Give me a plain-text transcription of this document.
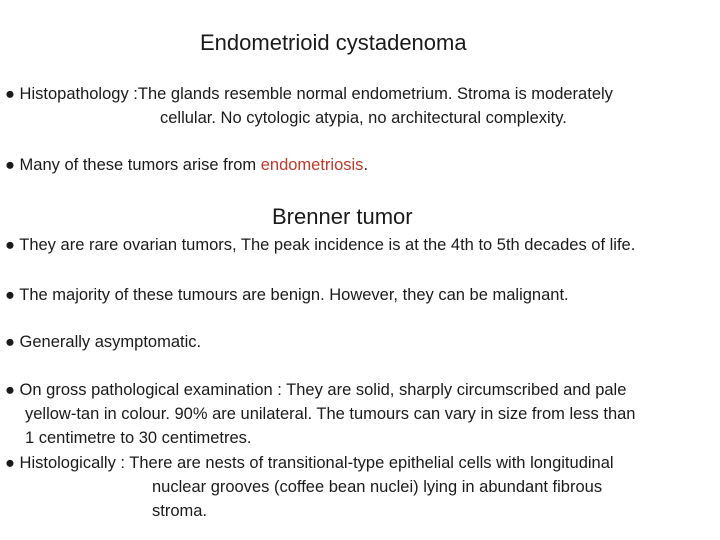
Endometrioid cystadenoma
● Histopathology :The glands resemble normal endometrium. Stroma is moderately
cellular. No cytologic atypia, no architectural complexity.
● Many of these tumors arise from endometriosis.
Brenner tumor
● They are rare ovarian tumors, The peak incidence is at the 4th to 5th decades of life.
● The majority of these tumours are benign. However, they can be malignant.
● Generally asymptomatic.
● On gross pathological examination : They are solid, sharply circumscribed and pale
yellow-tan in colour. 90% are unilateral. The tumours can vary in size from less than
1 centimetre to 30 centimetres.
● Histologically : There are nests of transitional-type epithelial cells with longitudinal
nuclear grooves (coffee bean nuclei) lying in abundant fibrous
stroma.
